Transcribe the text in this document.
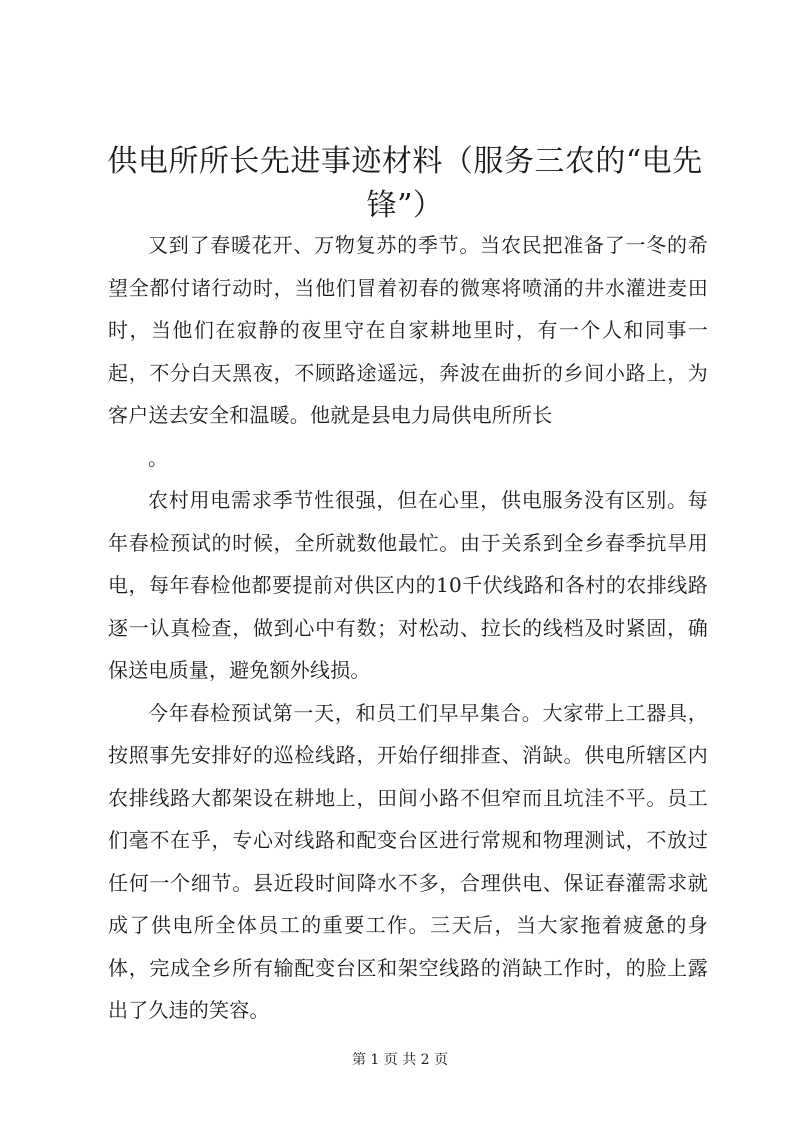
供电所所长先进事迹材料（服务三农的“电先锋”）

又到了春暖花开、万物复苏的季节。当农民把准备了一冬的希望全都付诸行动时，当他们冒着初春的微寒将喷涌的井水灌进麦田时，当他们在寂静的夜里守在自家耕地里时，有一个人和同事一起，不分白天黑夜，不顾路途遥远，奔波在曲折的乡间小路上，为客户送去安全和温暖。他就是县电力局供电所所长

。

农村用电需求季节性很强，但在心里，供电服务没有区别。每年春检预试的时候，全所就数他最忙。由于关系到全乡春季抗旱用电，每年春检他都要提前对供区内的10千伏线路和各村的农排线路逐一认真检查，做到心中有数；对松动、拉长的线档及时紧固，确保送电质量，避免额外线损。

今年春检预试第一天，和员工们早早集合。大家带上工器具，按照事先安排好的巡检线路，开始仔细排查、消缺。供电所辖区内农排线路大都架设在耕地上，田间小路不但窄而且坑洼不平。员工们毫不在乎，专心对线路和配变台区进行常规和物理测试，不放过任何一个细节。县近段时间降水不多，合理供电、保证春灌需求就成了供电所全体员工的重要工作。三天后，当大家拖着疲惫的身体，完成全乡所有输配变台区和架空线路的消缺工作时，的脸上露出了久违的笑容。

第 1 页 共 2 页
